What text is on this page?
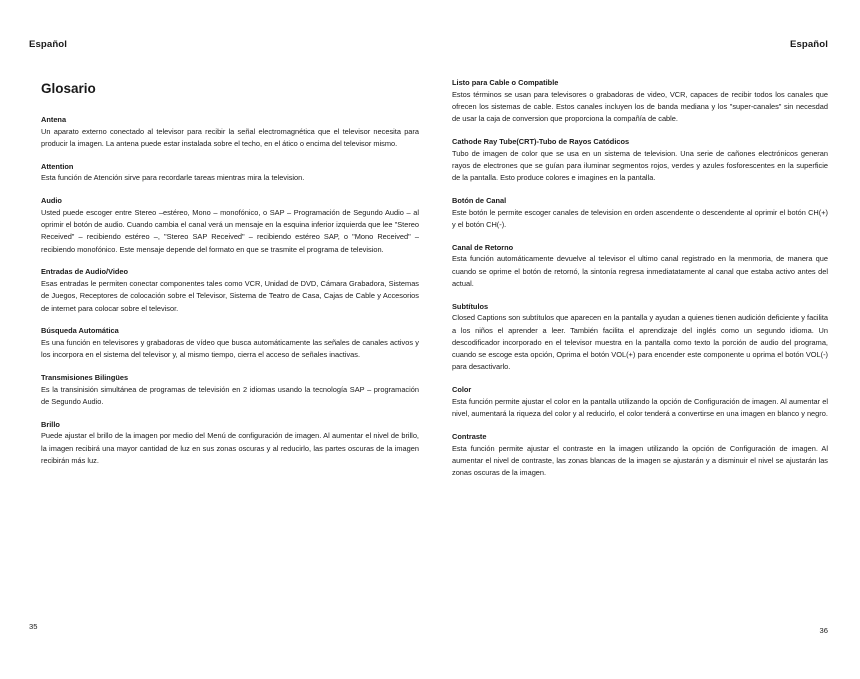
Español
Glosario

Antena

Un aparato externo conectado al televisor para recibir la señal electromagnética que el televisor necesita para producir la imagen. La antena puede estar instalada sobre el techo, en el ático o encima del televisor mismo.

Attention

Esta función de Atención sirve para recordarle tareas mientras mira la television.

Audio

Usted puede escoger entre Stereo –estéreo, Mono – monofónico, o SAP – Programación de Segundo Audio – al oprimir el botón de audio. Cuando cambia el canal verá un mensaje en la esquina inferior izquierda que lee "Stereo Received" – recibiendo estéreo –, "Stereo SAP Received" – recibiendo estéreo SAP, o "Mono Received" – recibiendo monofónico. Este mensaje depende del formato en que se trasmite el programa de television.

Entradas de Audio/Video

Esas entradas le permiten conectar componentes tales como VCR, Unidad de DVD, Cámara Grabadora, Sistemas de Juegos, Receptores de colocación sobre el Televisor, Sistema de Teatro de Casa, Cajas de Cable y Accesorios de internet para colocar sobre el televisor.

Búsqueda Automática

Es una función en televisores y grabadoras de vídeo que busca automáticamente las señales de canales activos y los incorpora en el sistema del televisor y, al mismo tiempo, cierra el acceso de señales inactivas.

Transmisiones Bilingües

Es la transinisión simultánea de programas de televisión en 2 idiomas usando la tecnología SAP – programación de Segundo Audio.

Brillo

Puede ajustar el brillo de la imagen por medio del Menú de configuración de imagen. Al aumentar el nivel de brillo, la imagen recibirá una mayor cantidad de luz en sus zonas oscuras y al reducirlo, las partes oscuras de la imagen recibirán más luz.

35
Español

Listo para Cable o Compatible

Estos términos se usan para televisores o grabadoras de video, VCR, capaces de recibir todos los canales que ofrecen los sistemas de cable. Estos canales incluyen los de banda mediana y los "super-canales" sin necesdad de usar la caja de conversion que proporciona la compañía de cable.

Cathode Ray Tube(CRT)-Tubo de Rayos Catódicos

Tubo de imagen de color que se usa en un sistema de television. Una serie de cañones electrónicos generan rayos de electrones que se guían para iluminar segmentos rojos, verdes y azules fosforescentes en la superficie de la pantalla. Esto produce colores e imagines en la pantalla.

Botón de Canal

Este botón le permite escoger canales de television en orden ascendente o descendente al oprimir el botón CH(+) y el botón CH(-).

Canal de Retorno

Esta función automáticamente devuelve al televisor el ultimo canal registrado en la menmoria, de manera que cuando se oprime el botón de retornó, la sintonía regresa inmediatatamente al canal que estaba activo antes del actual.

Subtítulos

Closed Captions son subtítulos que aparecen en la pantalla y ayudan a quienes tienen audición deficiente y facilita a los niños el aprender a leer. También facilita el aprendizaje del inglés como un segundo idioma. Un descodificador incorporado en el televisor muestra en la pantalla como texto la porción de audio del programa, cuando se escoge esta opción, Oprima el botón VOL(+) para encender este componente u oprima el botón VOL(-) para desactivarlo.

Color

Esta función permite ajustar el color en la pantalla utilizando la opción de Configuración de imagen. Al aumentar el nivel, aumentará la riqueza del color y al reducirlo, el color tenderá a convertirse en una imagen en blanco y negro.

Contraste

Esta función permite ajustar el contraste en la imagen utilizando la opción de Configuración de imagen. Al aumentar el nivel de contraste, las zonas blancas de la imagen se ajustarán y a disminuir el nivel se ajustarán las zonas oscuras de la imagen.

36
